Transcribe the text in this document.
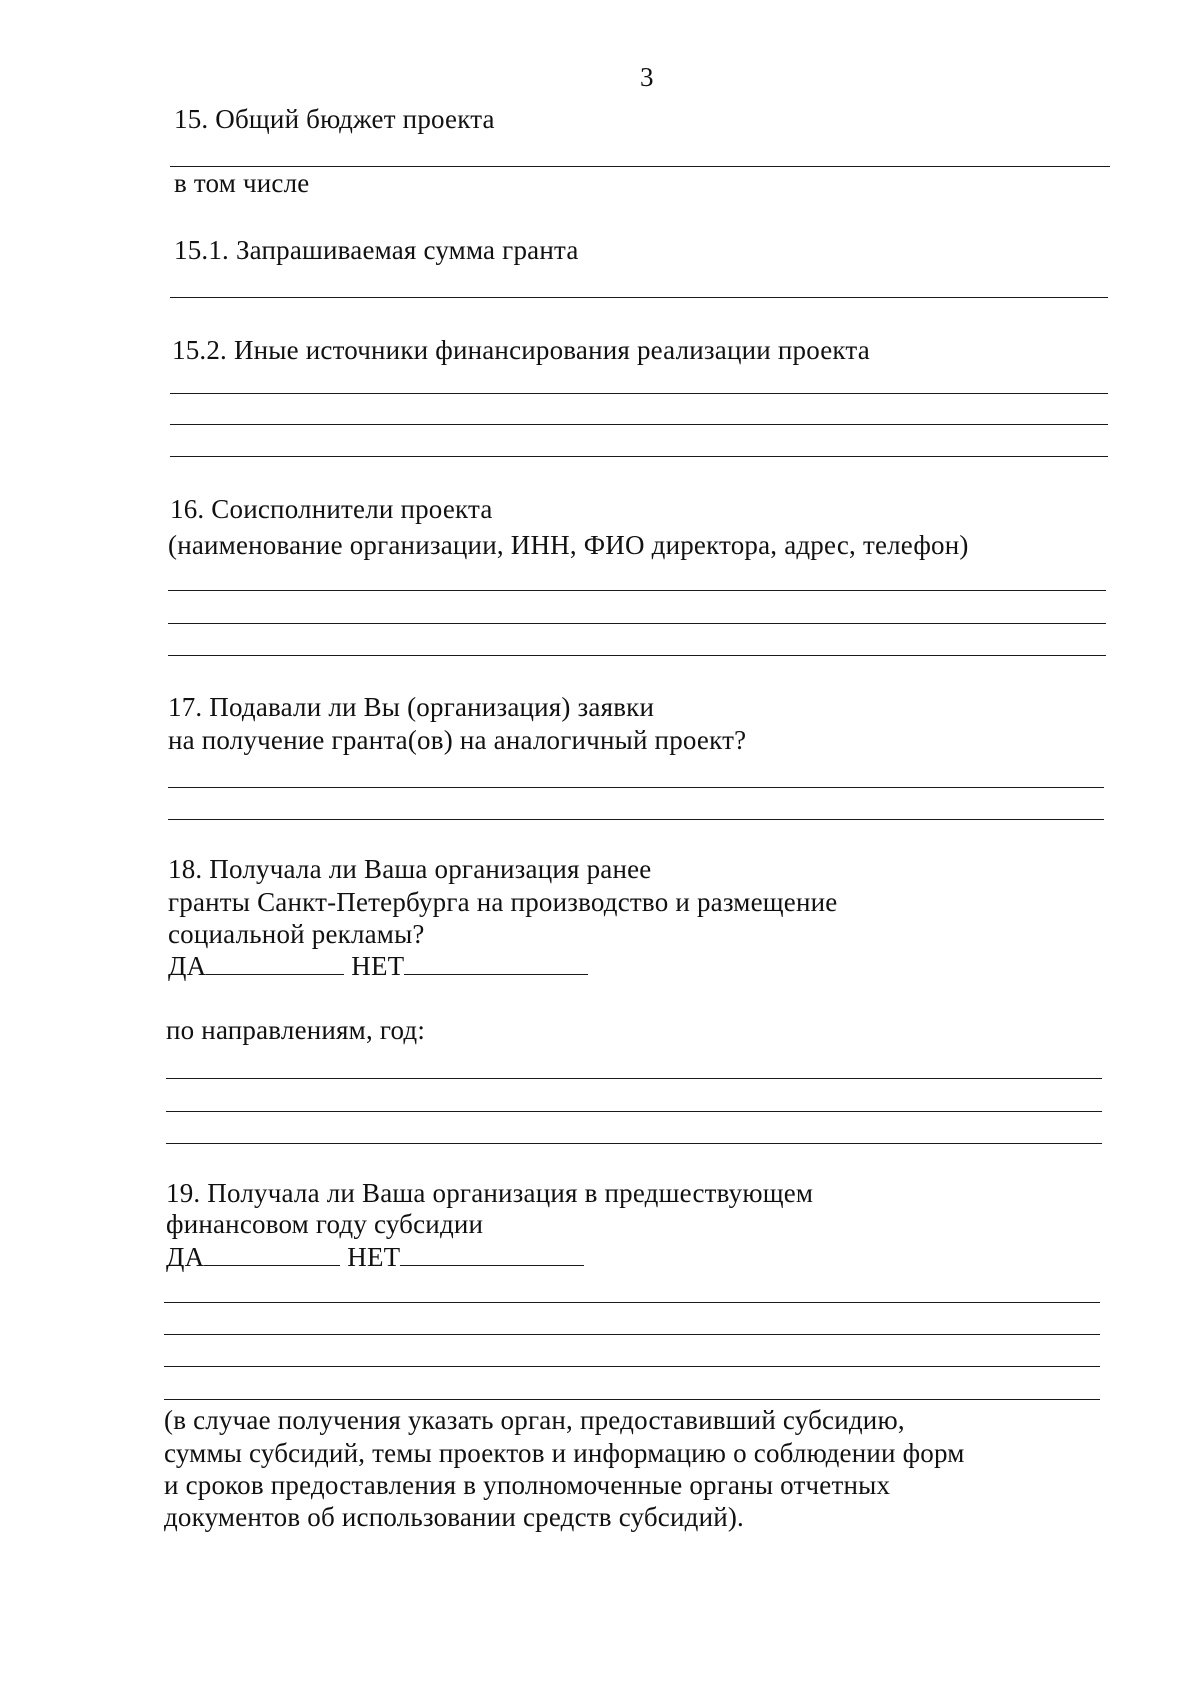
3
15. Общий бюджет проекта
в том числе
15.1. Запрашиваемая сумма гранта
15.2. Иные источники финансирования реализации проекта
16. Соисполнители проекта
(наименование организации, ИНН, ФИО директора, адрес, телефон)
17. Подавали ли Вы (организация) заявки
на получение гранта(ов) на аналогичный проект?
18. Получала ли Ваша организация ранее
гранты Санкт-Петербурга на производство и размещение
социальной рекламы?
ДА	НЕТ
по направлениям, год:
19. Получала ли Ваша организация в предшествующем
финансовом году субсидии
ДА	НЕТ
(в случае получения указать орган, предоставивший субсидию,
суммы субсидий, темы проектов и информацию о соблюдении форм
и сроков предоставления в уполномоченные органы отчетных
документов об использовании средств субсидий).
